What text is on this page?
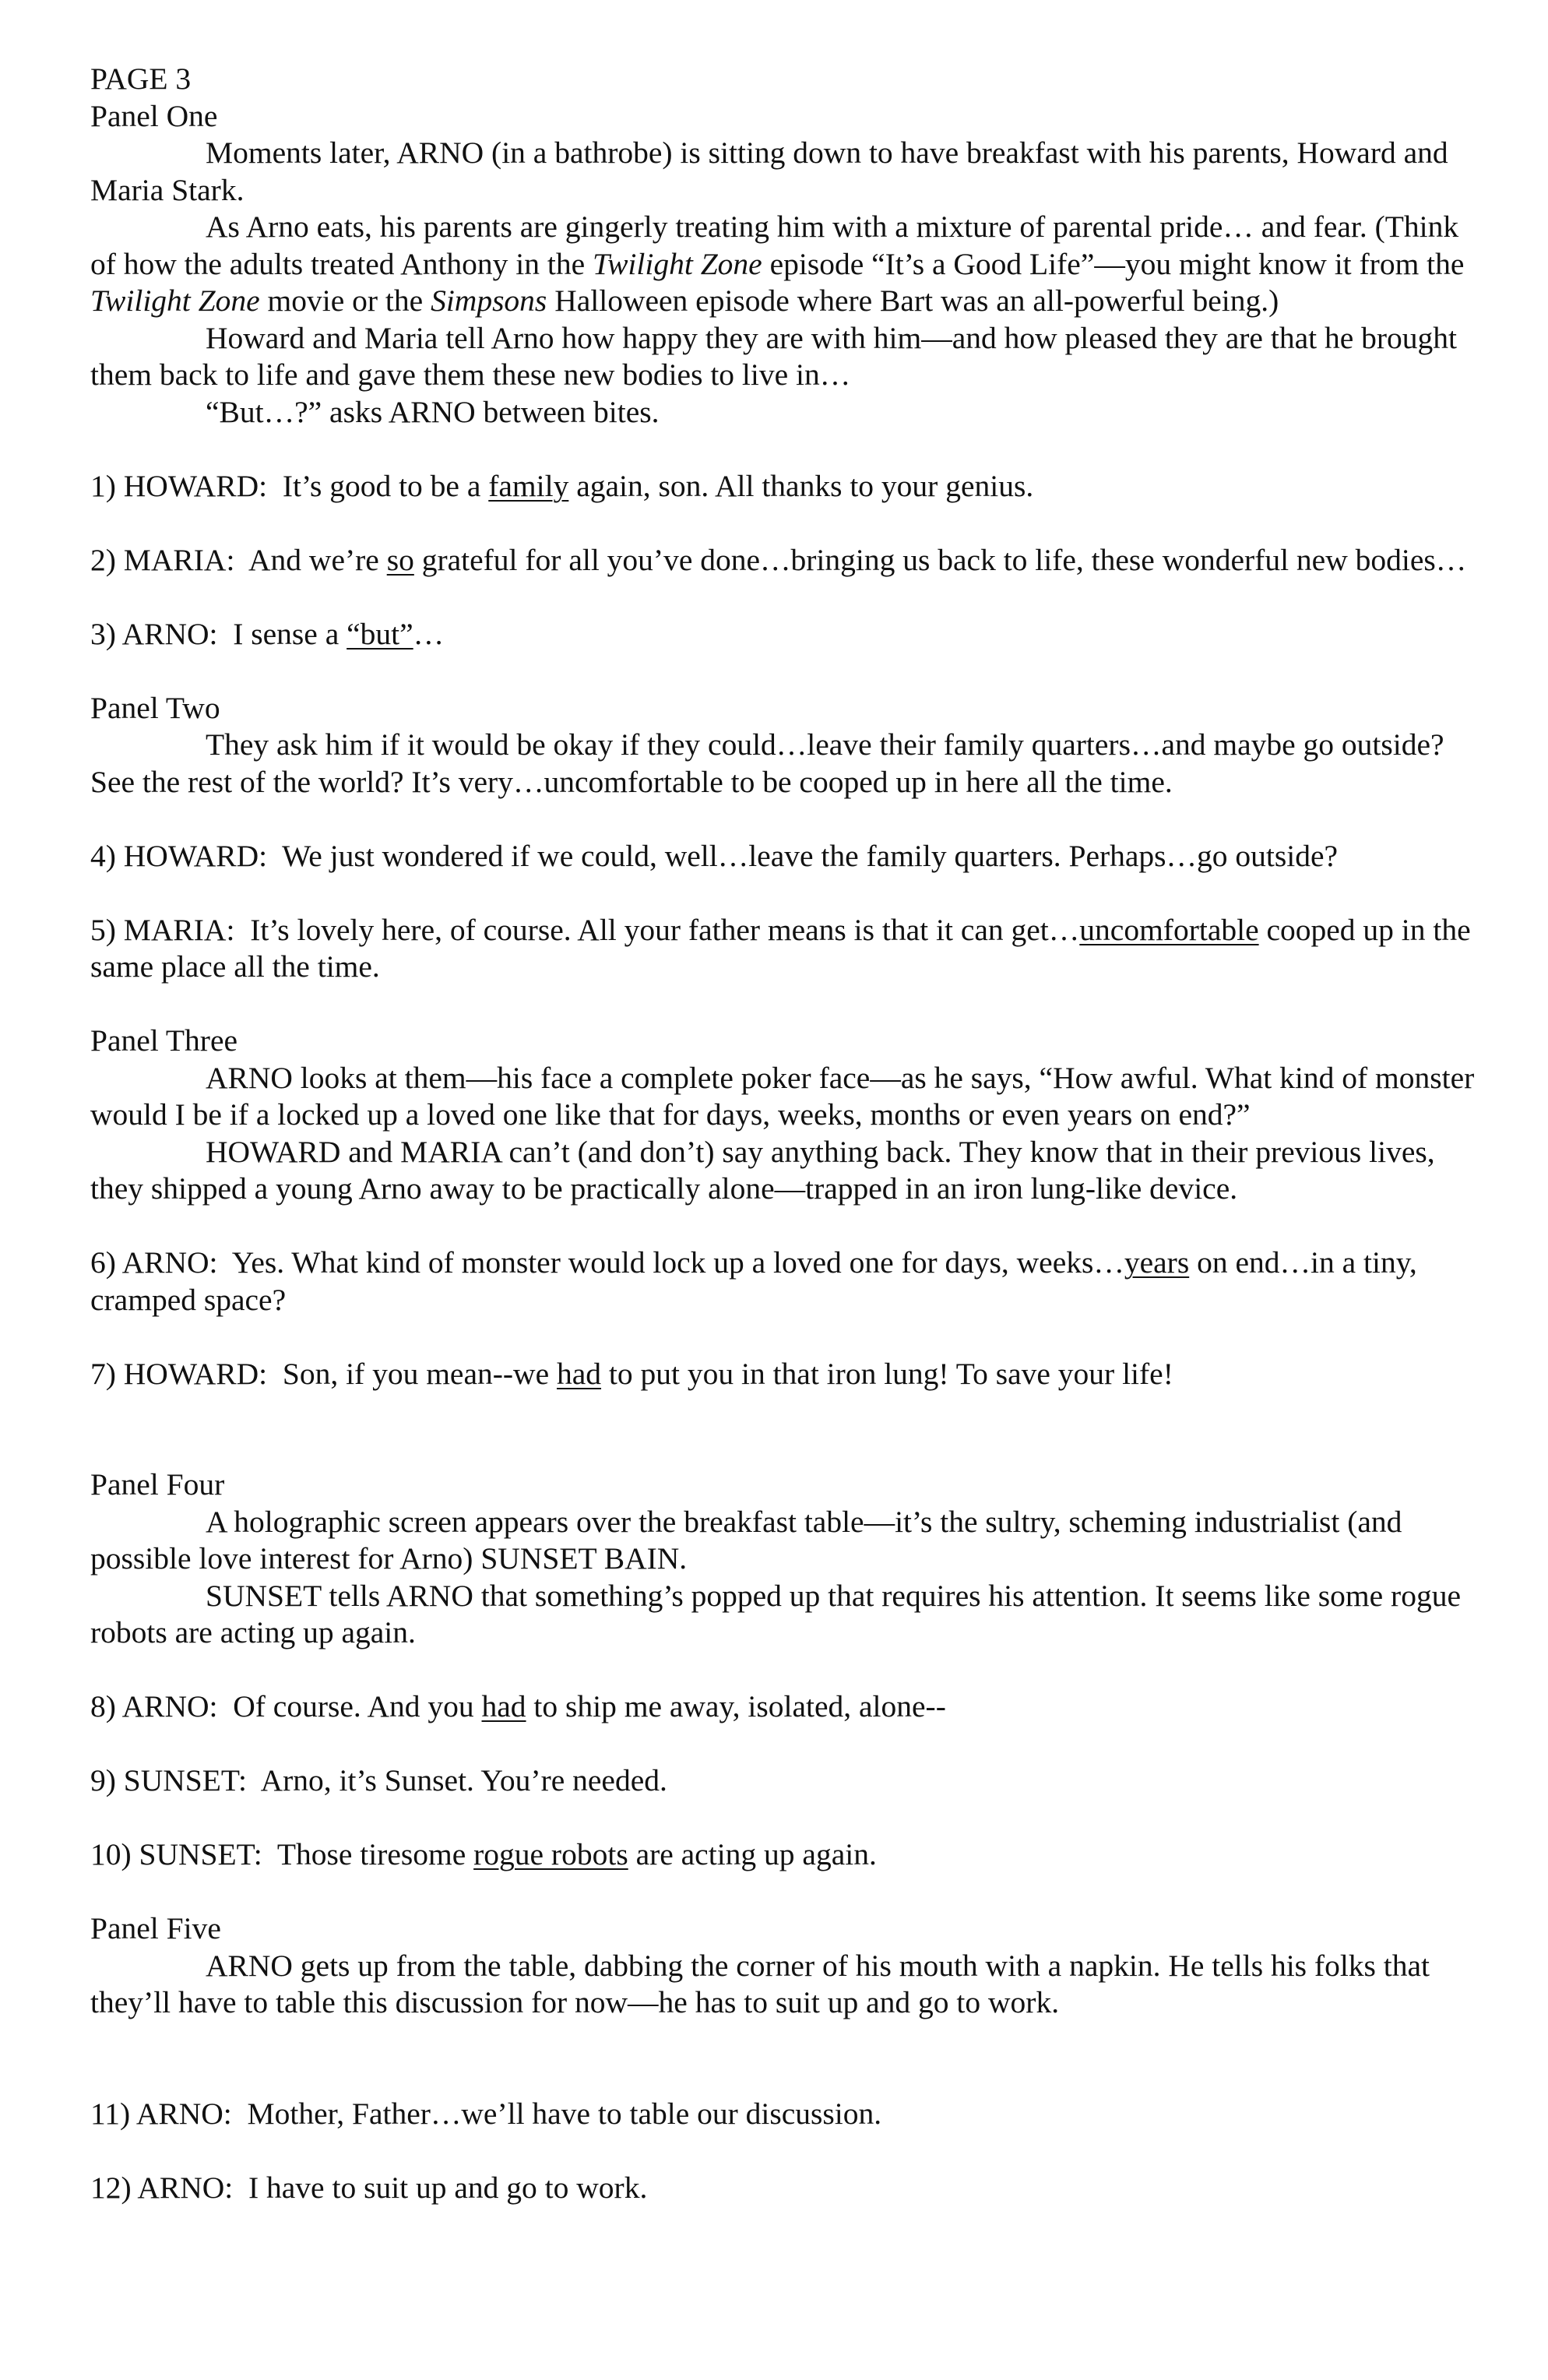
PAGE 3

Panel One

Moments later, ARNO (in a bathrobe) is sitting down to have breakfast with his parents, Howard and Maria Stark.

As Arno eats, his parents are gingerly treating him with a mixture of parental pride… and fear. (Think of how the adults treated Anthony in the Twilight Zone episode “It’s a Good Life”—you might know it from the Twilight Zone movie or the Simpsons Halloween episode where Bart was an all-powerful being.)

Howard and Maria tell Arno how happy they are with him—and how pleased they are that he brought them back to life and gave them these new bodies to live in…

“But…?” asks ARNO between bites.

1) HOWARD: It’s good to be a family again, son. All thanks to your genius.

2) MARIA: And we’re so grateful for all you’ve done…bringing us back to life, these wonderful new bodies…

3) ARNO: I sense a “but”…

Panel Two

They ask him if it would be okay if they could…leave their family quarters…and maybe go outside? See the rest of the world? It’s very…uncomfortable to be cooped up in here all the time.

4) HOWARD: We just wondered if we could, well…leave the family quarters. Perhaps…go outside?

5) MARIA: It’s lovely here, of course. All your father means is that it can get…uncomfortable cooped up in the same place all the time.

Panel Three

ARNO looks at them—his face a complete poker face—as he says, “How awful. What kind of monster would I be if a locked up a loved one like that for days, weeks, months or even years on end?”

HOWARD and MARIA can’t (and don’t) say anything back. They know that in their previous lives, they shipped a young Arno away to be practically alone—trapped in an iron lung-like device.

6) ARNO: Yes. What kind of monster would lock up a loved one for days, weeks…years on end…in a tiny, cramped space?

7) HOWARD: Son, if you mean--we had to put you in that iron lung! To save your life!

Panel Four

A holographic screen appears over the breakfast table—it’s the sultry, scheming industrialist (and possible love interest for Arno) SUNSET BAIN.

SUNSET tells ARNO that something’s popped up that requires his attention. It seems like some rogue robots are acting up again.

8) ARNO: Of course. And you had to ship me away, isolated, alone--

9) SUNSET: Arno, it’s Sunset. You’re needed.

10) SUNSET: Those tiresome rogue robots are acting up again.

Panel Five

ARNO gets up from the table, dabbing the corner of his mouth with a napkin. He tells his folks that they’ll have to table this discussion for now—he has to suit up and go to work.

11) ARNO: Mother, Father…we’ll have to table our discussion.

12) ARNO: I have to suit up and go to work.
